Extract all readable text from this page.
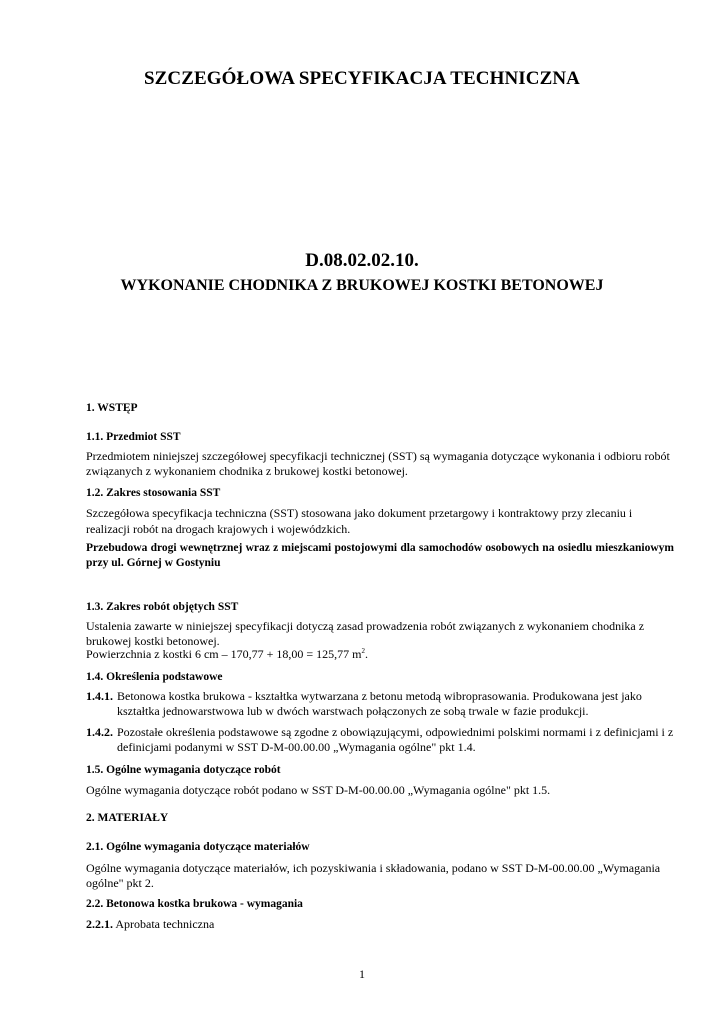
SZCZEGÓŁOWA SPECYFIKACJA TECHNICZNA
D.08.02.02.10.
WYKONANIE CHODNIKA Z BRUKOWEJ KOSTKI BETONOWEJ
1. WSTĘP
1.1. Przedmiot SST

Przedmiotem niniejszej szczegółowej specyfikacji technicznej (SST) są wymagania dotyczące wykonania i odbioru robót związanych z wykonaniem chodnika z brukowej kostki betonowej.

1.2. Zakres stosowania SST

Szczegółowa specyfikacja techniczna (SST) stosowana jako dokument przetargowy i kontraktowy przy zlecaniu i realizacji robót na drogach krajowych i wojewódzkich.

Przebudowa drogi wewnętrznej wraz z miejscami postojowymi dla samochodów osobowych na osiedlu mieszkaniowym przy ul. Górnej w Gostyniu

1.3. Zakres robót objętych SST

Ustalenia zawarte w niniejszej specyfikacji dotyczą zasad prowadzenia robót związanych z wykonaniem chodnika z brukowej kostki betonowej.

Powierzchnia z kostki 6 cm – 170,77 + 18,00 = 125,77 $m^2$.

1.4. Określenia podstawowe
1.4.1. Betonowa kostka brukowa - kształtka wytwarzana z betonu metodą wibroprasowania. Produkowana jest jako kształtka jednowarstwowa lub w dwóch warstwach połączonych ze sobą trwale w fazie produkcji.
1.4.2. Pozostałe określenia podstawowe są zgodne z obowiązującymi, odpowiednimi polskimi normami i z definicjami i z definicjami podanymi w SST D-M-00.00.00 „Wymagania ogólne" pkt 1.4.
1.5. Ogólne wymagania dotyczące robót

Ogólne wymagania dotyczące robót podano w SST D-M-00.00.00 „Wymagania ogólne" pkt 1.5.

2. MATERIAŁY
2.1. Ogólne wymagania dotyczące materiałów

Ogólne wymagania dotyczące materiałów, ich pozyskiwania i składowania, podano w SST D-M-00.00.00 „Wymagania ogólne" pkt 2.

2.2. Betonowa kostka brukowa - wymagania
2.2.1. Aprobata techniczna
1
